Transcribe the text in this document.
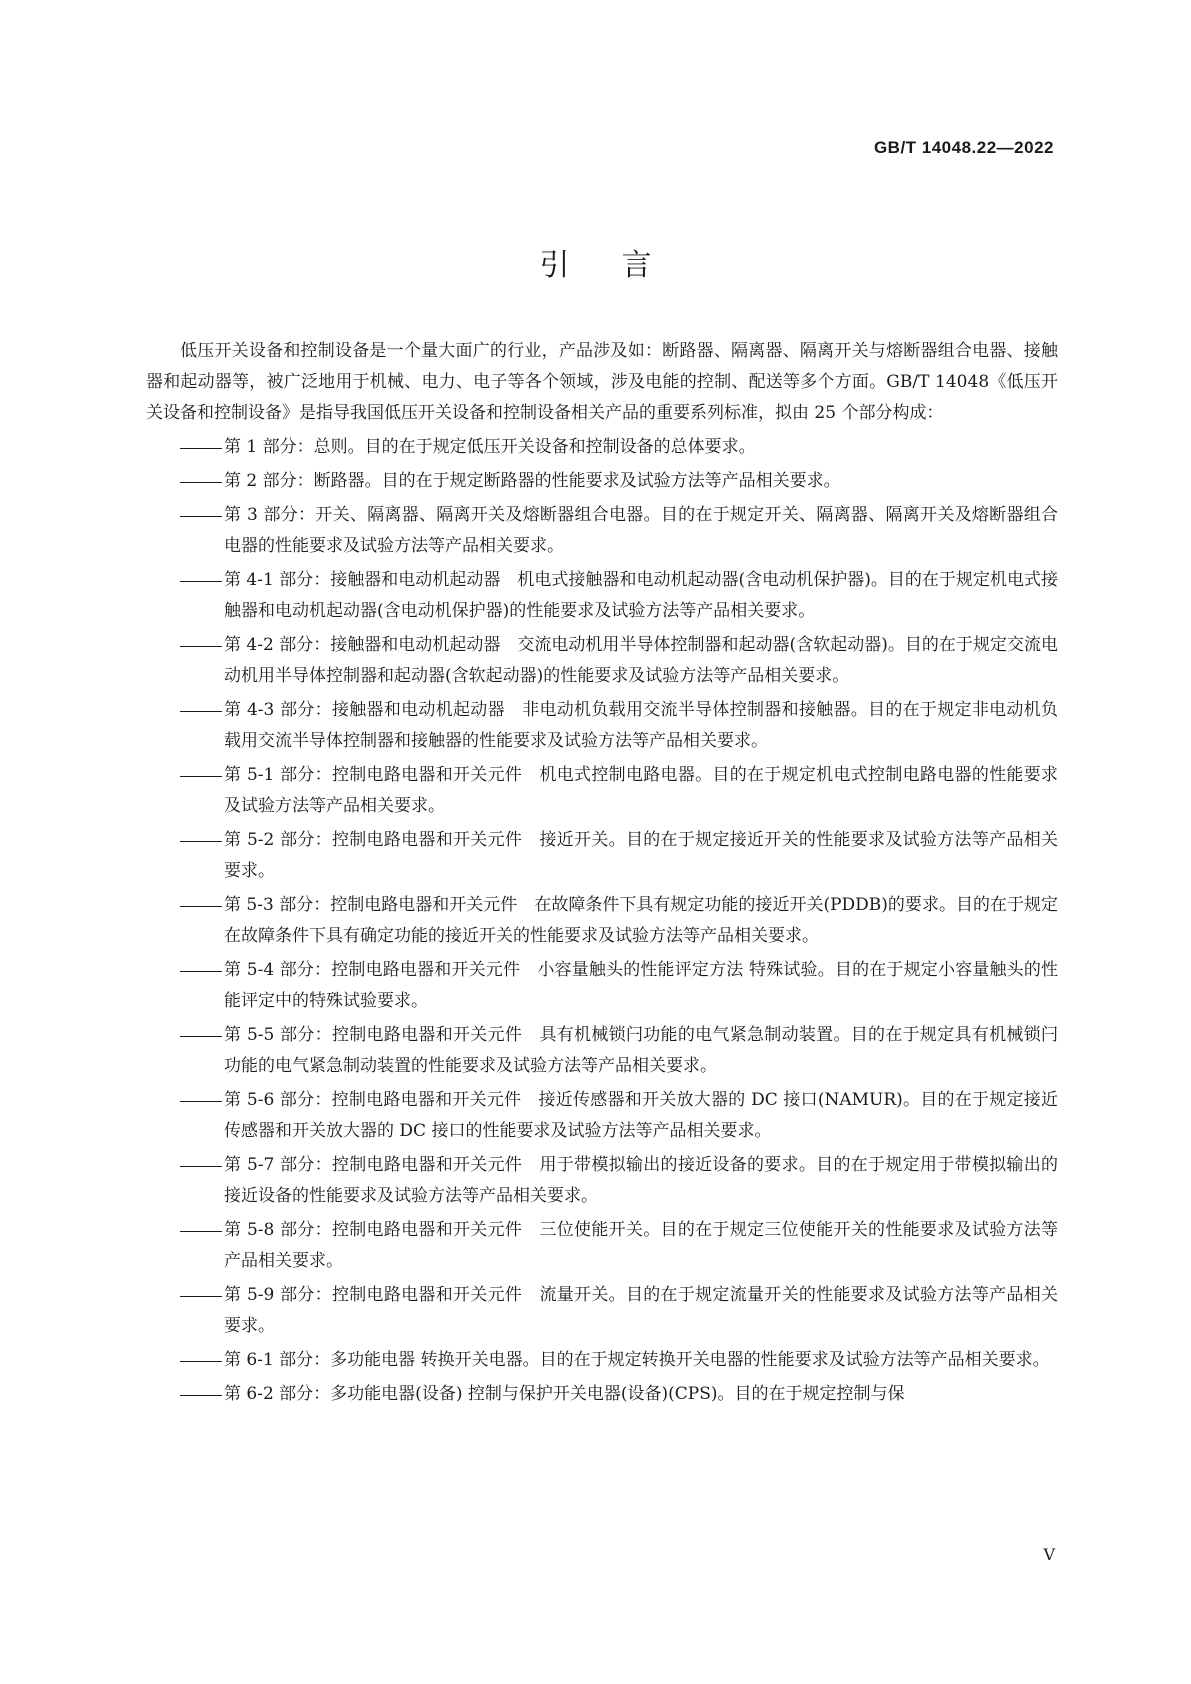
GB/T 14048.22—2022
引言

低压开关设备和控制设备是一个量大面广的行业，产品涉及如：断路器、隔离器、隔离开关与熔断器组合电器、接触器和起动器等，被广泛地用于机械、电力、电子等各个领域，涉及电能的控制、配送等多个方面。GB/T 14048《低压开关设备和控制设备》是指导我国低压开关设备和控制设备相关产品的重要系列标准，拟由 25 个部分构成：

第 1 部分：总则。目的在于规定低压开关设备和控制设备的总体要求。
第 2 部分：断路器。目的在于规定断路器的性能要求及试验方法等产品相关要求。
第 3 部分：开关、隔离器、隔离开关及熔断器组合电器。目的在于规定开关、隔离器、隔离开关及熔断器组合电器的性能要求及试验方法等产品相关要求。
第 4-1 部分：接触器和电动机起动器　机电式接触器和电动机起动器(含电动机保护器)。目的在于规定机电式接触器和电动机起动器(含电动机保护器)的性能要求及试验方法等产品相关要求。
第 4-2 部分：接触器和电动机起动器　交流电动机用半导体控制器和起动器(含软起动器)。目的在于规定交流电动机用半导体控制器和起动器(含软起动器)的性能要求及试验方法等产品相关要求。
第 4-3 部分：接触器和电动机起动器　非电动机负载用交流半导体控制器和接触器。目的在于规定非电动机负载用交流半导体控制器和接触器的性能要求及试验方法等产品相关要求。
第 5-1 部分：控制电路电器和开关元件　机电式控制电路电器。目的在于规定机电式控制电路电器的性能要求及试验方法等产品相关要求。
第 5-2 部分：控制电路电器和开关元件　接近开关。目的在于规定接近开关的性能要求及试验方法等产品相关要求。
第 5-3 部分：控制电路电器和开关元件　在故障条件下具有规定功能的接近开关(PDDB)的要求。目的在于规定在故障条件下具有确定功能的接近开关的性能要求及试验方法等产品相关要求。
第 5-4 部分：控制电路电器和开关元件　小容量触头的性能评定方法 特殊试验。目的在于规定小容量触头的性能评定中的特殊试验要求。
第 5-5 部分：控制电路电器和开关元件　具有机械锁闩功能的电气紧急制动装置。目的在于规定具有机械锁闩功能的电气紧急制动装置的性能要求及试验方法等产品相关要求。
第 5-6 部分：控制电路电器和开关元件　接近传感器和开关放大器的 DC 接口(NAMUR)。目的在于规定接近传感器和开关放大器的 DC 接口的性能要求及试验方法等产品相关要求。
第 5-7 部分：控制电路电器和开关元件　用于带模拟输出的接近设备的要求。目的在于规定用于带模拟输出的接近设备的性能要求及试验方法等产品相关要求。
第 5-8 部分：控制电路电器和开关元件　三位使能开关。目的在于规定三位使能开关的性能要求及试验方法等产品相关要求。
第 5-9 部分：控制电路电器和开关元件　流量开关。目的在于规定流量开关的性能要求及试验方法等产品相关要求。
第 6-1 部分：多功能电器 转换开关电器。目的在于规定转换开关电器的性能要求及试验方法等产品相关要求。
第 6-2 部分：多功能电器(设备) 控制与保护开关电器(设备)(CPS)。目的在于规定控制与保
V
